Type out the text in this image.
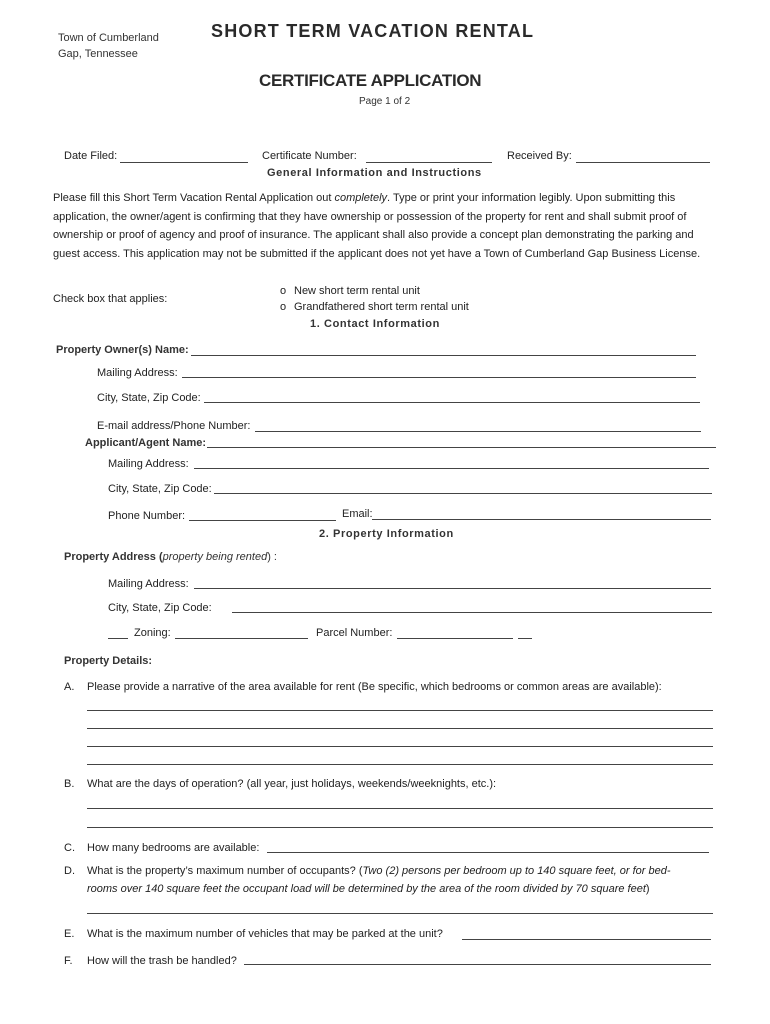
Town of Cumberland
Gap, Tennessee
SHORT TERM VACATION RENTAL
CERTIFICATE APPLICATION
Page 1 of 2
Date Filed:	Certificate Number:	Received By:
General Information and Instructions
Please fill this Short Term Vacation Rental Application out completely. Type or print your information legibly. Upon submitting this application, the owner/agent is confirming that they have ownership or possession of the property for rent and shall submit proof of ownership or proof of agency and proof of insurance. The applicant shall also provide a concept plan demonstrating the parking and guest access. This application may not be submitted if the applicant does not yet have a Town of Cumberland Gap Business License.
Check box that applies:
o New short term rental unit
o Grandfathered short term rental unit
1. Contact Information
Property Owner(s) Name:
Mailing Address:
City, State, Zip Code:
E-mail address/Phone Number:
Applicant/Agent Name:
Mailing Address:
City, State, Zip Code:
Phone Number:	Email:
2. Property Information
Property Address (property being rented) :
Mailing Address:
City, State, Zip Code:
Zoning:	Parcel Number:
Property Details:
A. Please provide a narrative of the area available for rent (Be specific, which bedrooms or common areas are available):
B. What are the days of operation? (all year, just holidays, weekends/weeknights, etc.):
C. How many bedrooms are available:
D. What is the property’s maximum number of occupants? (Two (2) persons per bedroom up to 140 square feet, or for bed-
rooms over 140 square feet the occupant load will be determined by the area of the room divided by 70 square feet)
E. What is the maximum number of vehicles that may be parked at the unit?
F. How will the trash be handled?
